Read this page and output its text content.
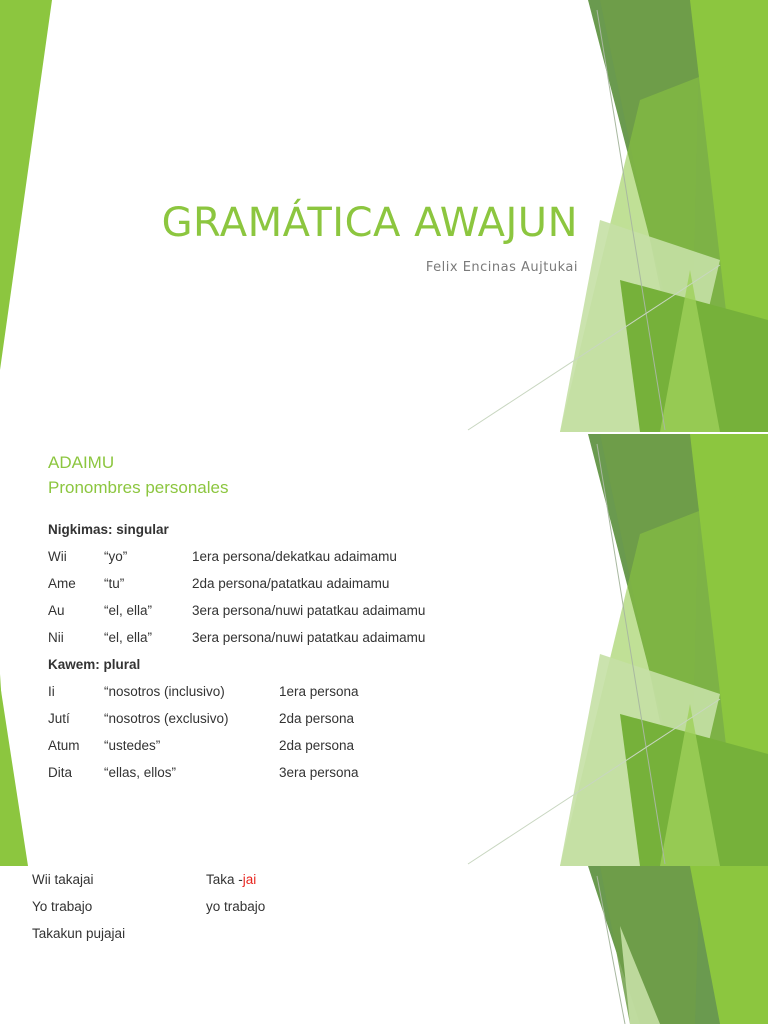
GRAMÁTICA AWAJUN
Felix Encinas Aujtukai
ADAIMU
Pronombres personales
Nigkimas: singular
Wii	“yo”	1era persona/dekatkau adaimamu
Ame “tu”	2da persona/patatkau adaimamu
Au	“el, ella”	3era persona/nuwi patatkau adaimamu
Nii	“el, ella”	3era persona/nuwi patatkau adaimamu
Kawem: plural
Ii	“nosotros (inclusivo)	1era persona
Jutí	“nosotros (exclusivo)	2da persona
Atum “ustedes”	2da persona
Dita “ellas, ellos”	3era persona
Wii takajai	Taka -jai
Yo trabajo	yo trabajo
Takakun pujajai
